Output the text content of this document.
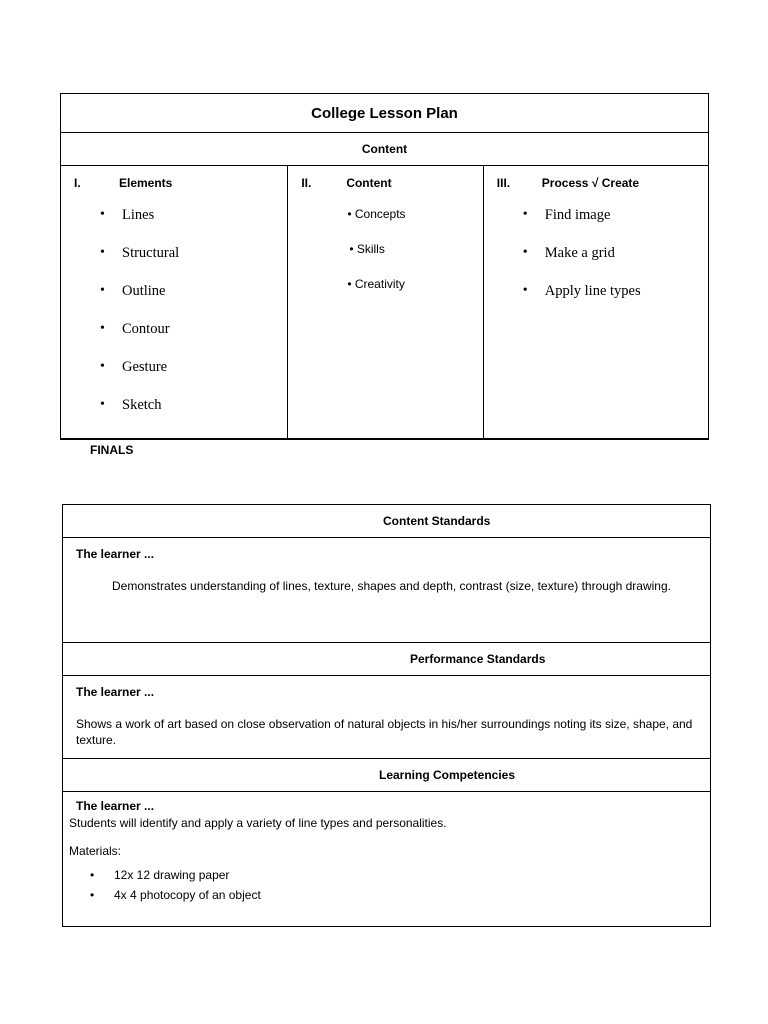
College Lesson Plan
Content

I.	Elements
• Lines
• Structural
• Outline
• Contour
• Gesture
• Sketch

II.	Content
• Concepts
• Skills
• Creativity

III.	Process √ Create
• Find image
• Make a grid
• Apply line types
FINALS
Content Standards

The learner ...
Demonstrates understanding of lines, texture, shapes and depth, contrast (size, texture) through drawing.

Performance Standards

The learner ...
Shows a work of art based on close observation of natural objects in his/her surroundings noting its size, shape, and texture.

Learning Competencies

The learner ...
Students will identify and apply a variety of line types and personalities.
Materials:
• 12x 12 drawing paper
• 4x 4 photocopy of an object
